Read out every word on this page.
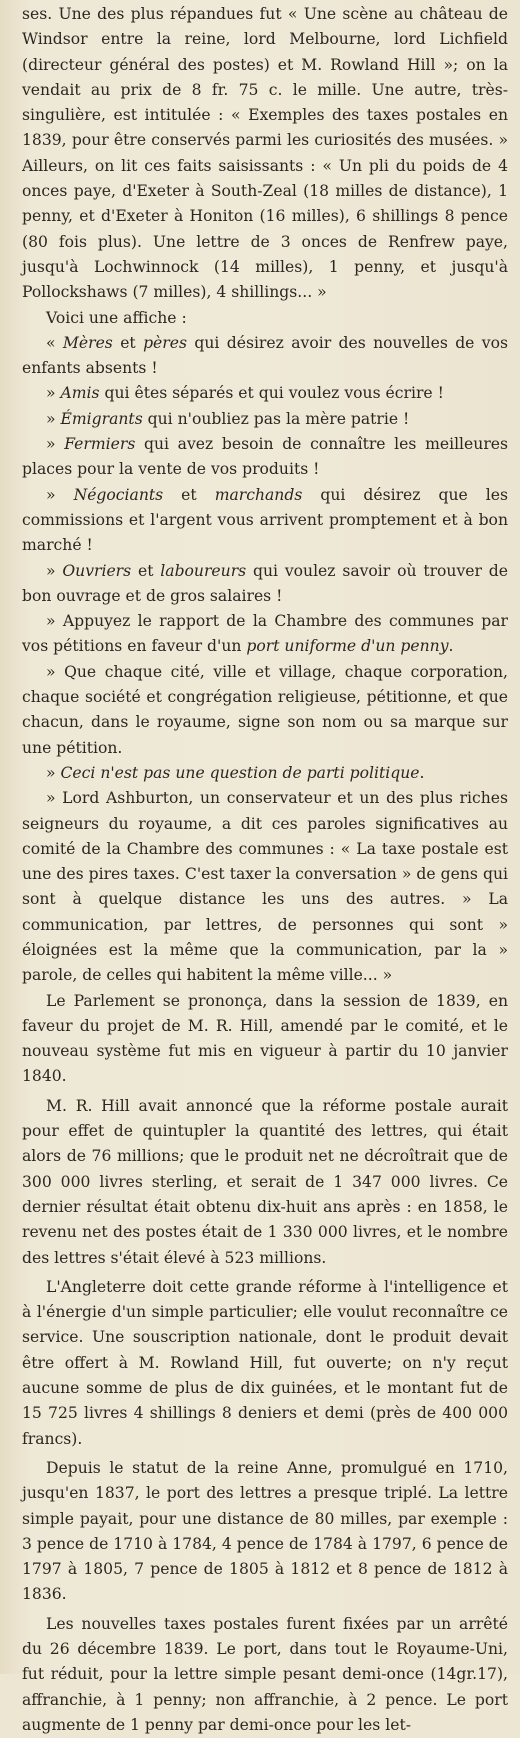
ses. Une des plus répandues fut « Une scène au château de Windsor entre la reine, lord Melbourne, lord Lichfield (directeur général des postes) et M. Rowland Hill »; on la vendait au prix de 8 fr. 75 c. le mille. Une autre, très-singulière, est intitulée : « Exemples des taxes postales en 1839, pour être conservés parmi les curiosités des musées. » Ailleurs, on lit ces faits saisissants : « Un pli du poids de 4 onces paye, d'Exeter à South-Zeal (18 milles de distance), 1 penny, et d'Exeter à Honiton (16 milles), 6 shillings 8 pence (80 fois plus). Une lettre de 3 onces de Renfrew paye, jusqu'à Lochwinnock (14 milles), 1 penny, et jusqu'à Pollockshaws (7 milles), 4 shillings... »

Voici une affiche :

« Mères et pères qui désirez avoir des nouvelles de vos enfants absents !

» Amis qui êtes séparés et qui voulez vous écrire !

» Émigrants qui n'oubliez pas la mère patrie !

» Fermiers qui avez besoin de connaître les meilleures places pour la vente de vos produits !

» Négociants et marchands qui désirez que les commissions et l'argent vous arrivent promptement et à bon marché !

» Ouvriers et laboureurs qui voulez savoir où trouver de bon ouvrage et de gros salaires !

» Appuyez le rapport de la Chambre des communes par vos pétitions en faveur d'un port uniforme d'un penny.

» Que chaque cité, ville et village, chaque corporation, chaque société et congrégation religieuse, pétitionne, et que chacun, dans le royaume, signe son nom ou sa marque sur une pétition.

» Ceci n'est pas une question de parti politique.

» Lord Ashburton, un conservateur et un des plus riches seigneurs du royaume, a dit ces paroles significatives au comité de la Chambre des communes : « La taxe postale est une des pires taxes. C'est taxer la conversation » de gens qui sont à quelque distance les uns des autres. » La communication, par lettres, de personnes qui sont » éloignées est la même que la communication, par la » parole, de celles qui habitent la même ville... »

Le Parlement se prononça, dans la session de 1839, en faveur du projet de M. R. Hill, amendé par le comité, et le nouveau système fut mis en vigueur à partir du 10 janvier 1840.

M. R. Hill avait annoncé que la réforme postale aurait pour effet de quintupler la quantité des lettres, qui était alors de 76 millions; que le produit net ne décroîtrait que de 300 000 livres sterling, et serait de 1 347 000 livres. Ce dernier résultat était obtenu dix-huit ans après : en 1858, le revenu net des postes était de 1 330 000 livres, et le nombre des lettres s'était élevé à 523 millions.

L'Angleterre doit cette grande réforme à l'intelligence et à l'énergie d'un simple particulier; elle voulut reconnaître ce service. Une souscription nationale, dont le produit devait être offert à M. Rowland Hill, fut ouverte; on n'y reçut aucune somme de plus de dix guinées, et le montant fut de 15 725 livres 4 shillings 8 deniers et demi (près de 400 000 francs).

Depuis le statut de la reine Anne, promulgué en 1710, jusqu'en 1837, le port des lettres a presque triplé. La lettre simple payait, pour une distance de 80 milles, par exemple : 3 pence de 1710 à 1784, 4 pence de 1784 à 1797, 6 pence de 1797 à 1805, 7 pence de 1805 à 1812 et 8 pence de 1812 à 1836.

Les nouvelles taxes postales furent fixées par un arrêté du 26 décembre 1839. Le port, dans tout le Royaume-Uni, fut réduit, pour la lettre simple pesant demi-once (14gr.17), affranchie, à 1 penny; non affranchie, à 2 pence. Le port augmente de 1 penny par demi-once pour les let-
